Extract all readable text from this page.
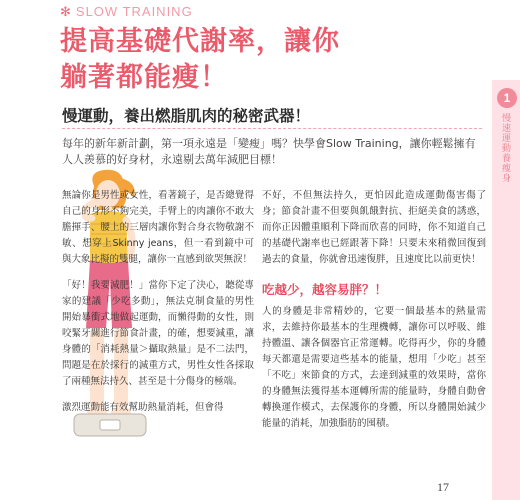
✻ SLOW TRAINING
提高基礎代謝率，讓你
躺著都能瘦！
1
慢速運動養瘦身
慢運動，養出燃脂肌肉的秘密武器！

每年的新年新計劃，第一項永遠是「變瘦」嗎？快學會Slow Training，讓你輕鬆擁有人人羨慕的好身材，永遠剔去萬年減肥目標！

無論你是男性或女性，看著鏡子，是否總覺得自己的身形不夠完美，手臂上的肉讓你不敢大膽揮手、腰上的三層肉讓你對合身衣物敬謝不敏、想穿上Skinny jeans，但一看到鏡中可與大象比擬的雙腿，讓你一直感到欲哭無淚！

「好！我要減肥！」當你下定了決心，聽從專家的建議「少吃多動」，無法克制食量的男性開始暴衝式地做起運動，而懶得動的女性，則咬緊牙關進行節食計畫，的確，想要減重，讓身體的「消耗熱量＞攝取熱量」是不二法門，問題是在於採行的減重方式，男性女性各採取了兩種無法持久、甚至是十分傷身的極端。

激烈運動能有效幫助熱量消耗，但會得

不好，不但無法持久，更怕因此造成運動傷害傷了身；節食計畫不但要與飢餓對抗、拒絕美食的誘惑，而你正因體重順利下降而欣喜的同時，你不知道自己的基礎代謝率也已經跟著下降！只要未來稍微回復到過去的食量，你就會迅速復胖，且速度比以前更快！

吃越少，越容易胖？！

人的身體是非常精妙的，它要一個最基本的熱量需求，去維持你最基本的生理機轉，讓你可以呼吸、維持體溫、讓各個器官正常運轉。吃得再少，你的身體每天都還是需要這些基本的能量，想用「少吃」甚至「不吃」來節食的方式，去達到減重的效果時，當你的身體無法獲得基本運轉所需的能量時，身體自動會轉換運作模式，去保護你的身體，所以身體開始減少能量的消耗，加強脂肪的囤積。

17
